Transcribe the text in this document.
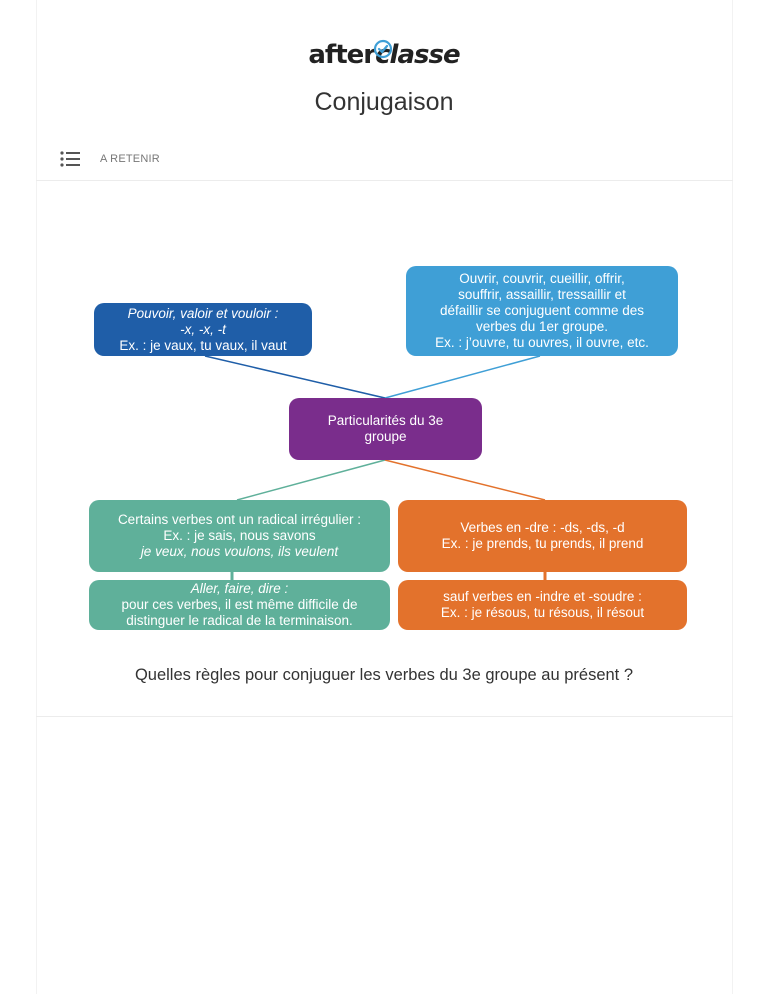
afterclasse
Conjugaison
A RETENIR
Pouvoir, valoir et vouloir :
-x, -x, -t
Ex. : je vaux, tu vaux, il vaut
Ouvrir, couvrir, cueillir, offrir,
souffrir, assaillir, tressaillir et
défaillir se conjuguent comme des
verbes du 1er groupe.
Ex. : j’ouvre, tu ouvres, il ouvre, etc.
Particularités du 3e
groupe
Certains verbes ont un radical irrégulier :
Ex. : je sais, nous savons
je veux, nous voulons, ils veulent
Aller, faire, dire :
pour ces verbes, il est même difficile de
distinguer le radical de la terminaison.
Verbes en -dre : -ds, -ds, -d
Ex. : je prends, tu prends, il prend
sauf verbes en -indre et -soudre :
Ex. : je résous, tu résous, il résout
Quelles règles pour conjuguer les verbes du 3e groupe au présent ?
